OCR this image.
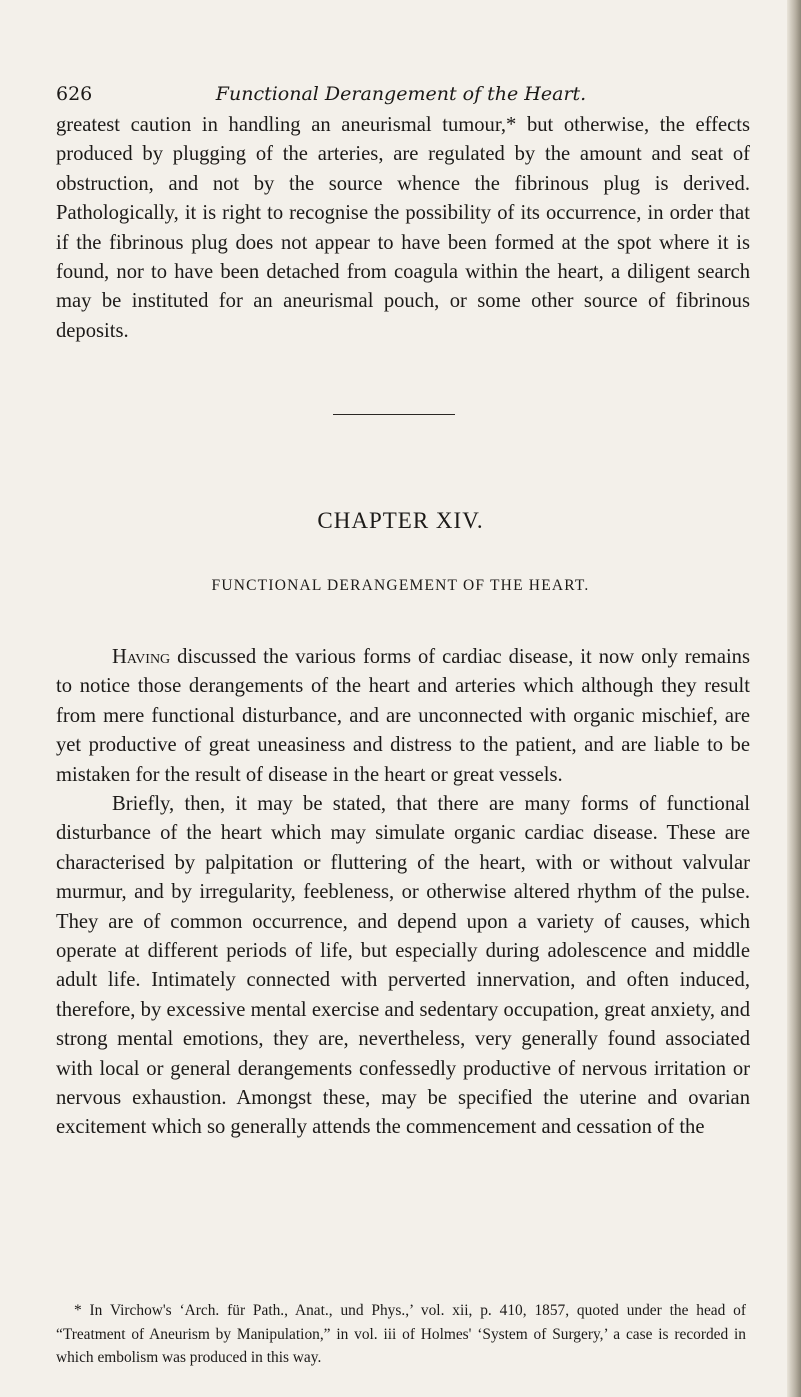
626	Functional Derangement of the Heart.

greatest caution in handling an aneurismal tumour,* but otherwise, the effects produced by plugging of the arteries, are regulated by the amount and seat of obstruction, and not by the source whence the fibrinous plug is derived. Pathologically, it is right to recognise the possibility of its occurrence, in order that if the fibrinous plug does not appear to have been formed at the spot where it is found, nor to have been detached from coagula within the heart, a diligent search may be instituted for an aneurismal pouch, or some other source of fibrinous deposits.

CHAPTER XIV.
FUNCTIONAL DERANGEMENT OF THE HEART.

Having discussed the various forms of cardiac disease, it now only remains to notice those derangements of the heart and arteries which although they result from mere functional disturbance, and are unconnected with organic mischief, are yet productive of great uneasiness and distress to the patient, and are liable to be mistaken for the result of disease in the heart or great vessels.

Briefly, then, it may be stated, that there are many forms of functional disturbance of the heart which may simulate organic cardiac disease. These are characterised by palpitation or fluttering of the heart, with or without valvular murmur, and by irregularity, feebleness, or otherwise altered rhythm of the pulse. They are of common occurrence, and depend upon a variety of causes, which operate at different periods of life, but especially during adolescence and middle adult life. Intimately connected with perverted innervation, and often induced, therefore, by excessive mental exercise and sedentary occupation, great anxiety, and strong mental emotions, they are, nevertheless, very generally found associated with local or general derangements confessedly productive of nervous irritation or nervous exhaustion. Amongst these, may be specified the uterine and ovarian excitement which so generally attends the commencement and cessation of the

* In Virchow's ‘Arch. für Path., Anat., und Phys.,’ vol. xii, p. 410, 1857, quoted under the head of “Treatment of Aneurism by Manipulation,” in vol. iii of Holmes' ‘System of Surgery,’ a case is recorded in which embolism was produced in this way.
